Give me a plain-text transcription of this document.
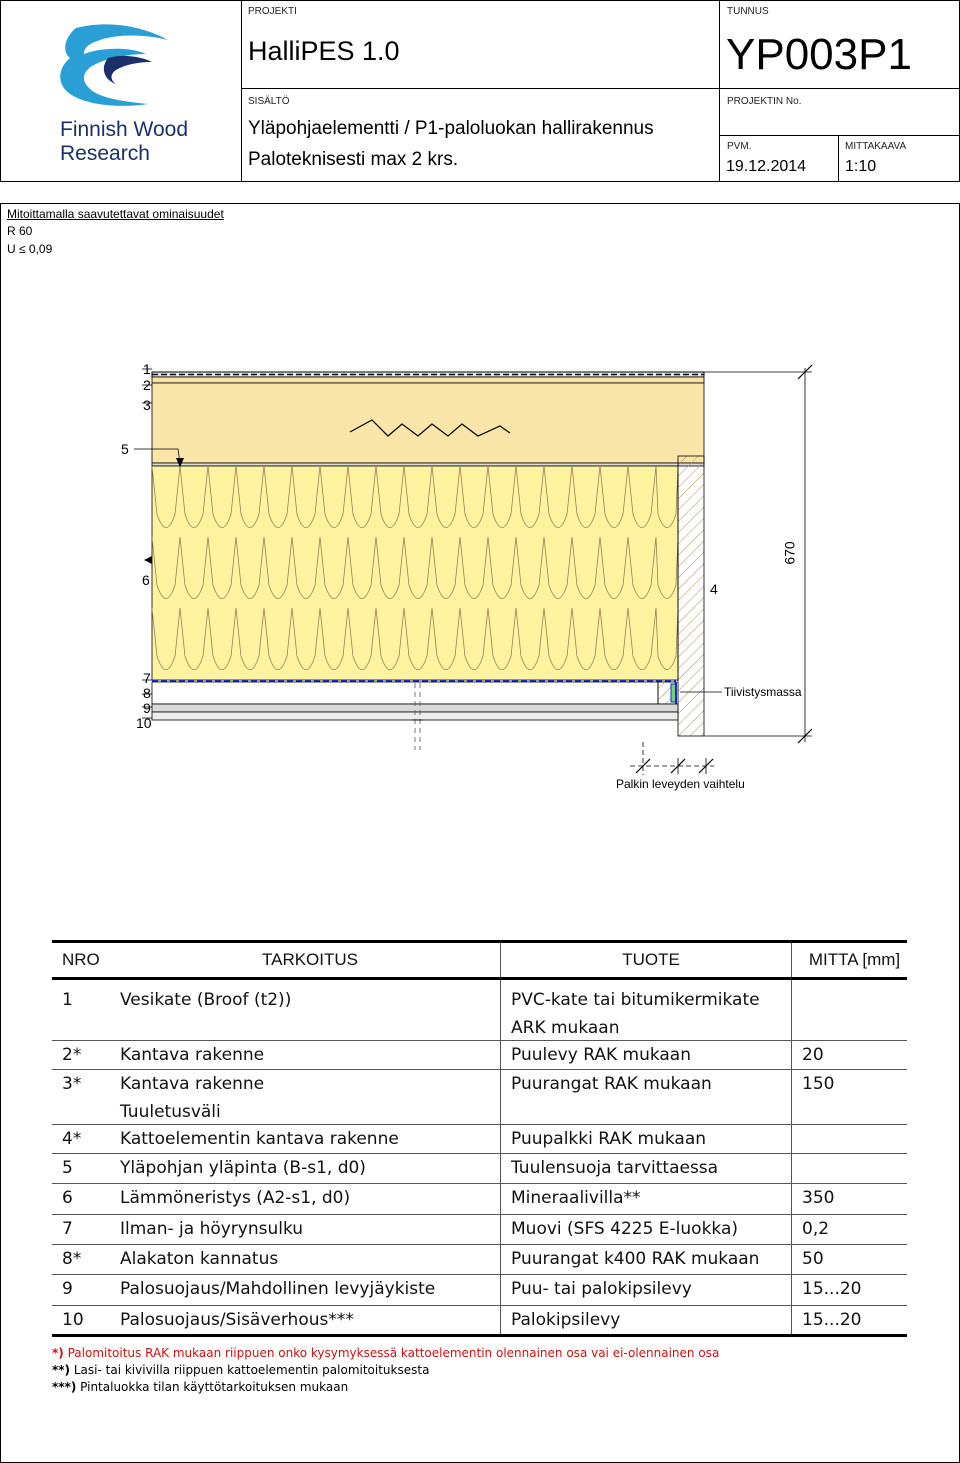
Finnish Wood
Research
PROJEKTI
HalliPES 1.0
SISÄLTÖ
Yläpohjaelementti / P1-paloluokan hallirakennus
Paloteknisesti max 2 krs.
TUNNUS
YP003P1
PROJEKTIN No.
PVM.
19.12.2014
MITTAKAAVA
1:10
Mitoittamalla saavutettavat ominaisuudet
R 60
U ≤ 0,09
1
2
3
5
6
4
7
8
9
10
670
Tiivistysmassa
Palkin leveyden vaihtelu
NRO	TARKOITUS	TUOTE	MITTA [mm]
1	Vesikate (Broof (t2))	PVC-kate tai bitumikermikate
ARK mukaan	

2*	Kantava rakenne	Puulevy RAK mukaan	20
3*	Kantava rakenne
Tuuletusväli	Puurangat RAK mukaan	150
4*	Kattoelementin kantava rakenne	Puupalkki RAK mukaan	
5	Yläpohjan yläpinta (B-s1, d0)	Tuulensuoja tarvittaessa	
6	Lämmöneristys (A2-s1, d0)	Mineraalivilla**	350
7	Ilman- ja höyrynsulku	Muovi (SFS 4225 E-luokka)	0,2
8*	Alakaton kannatus	Puurangat k400 RAK mukaan	50
9	Palosuojaus/Mahdollinen levyjäykiste	Puu- tai palokipsilevy	15...20
10	Palosuojaus/Sisäverhous***	Palokipsilevy	15...20
*) Palomitoitus RAK mukaan riippuen onko kysymyksessä kattoelementin olennainen osa vai ei-olennainen osa
**) Lasi- tai kivivilla riippuen kattoelementin palomitoituksesta
***) Pintaluokka tilan käyttötarkoituksen mukaan
